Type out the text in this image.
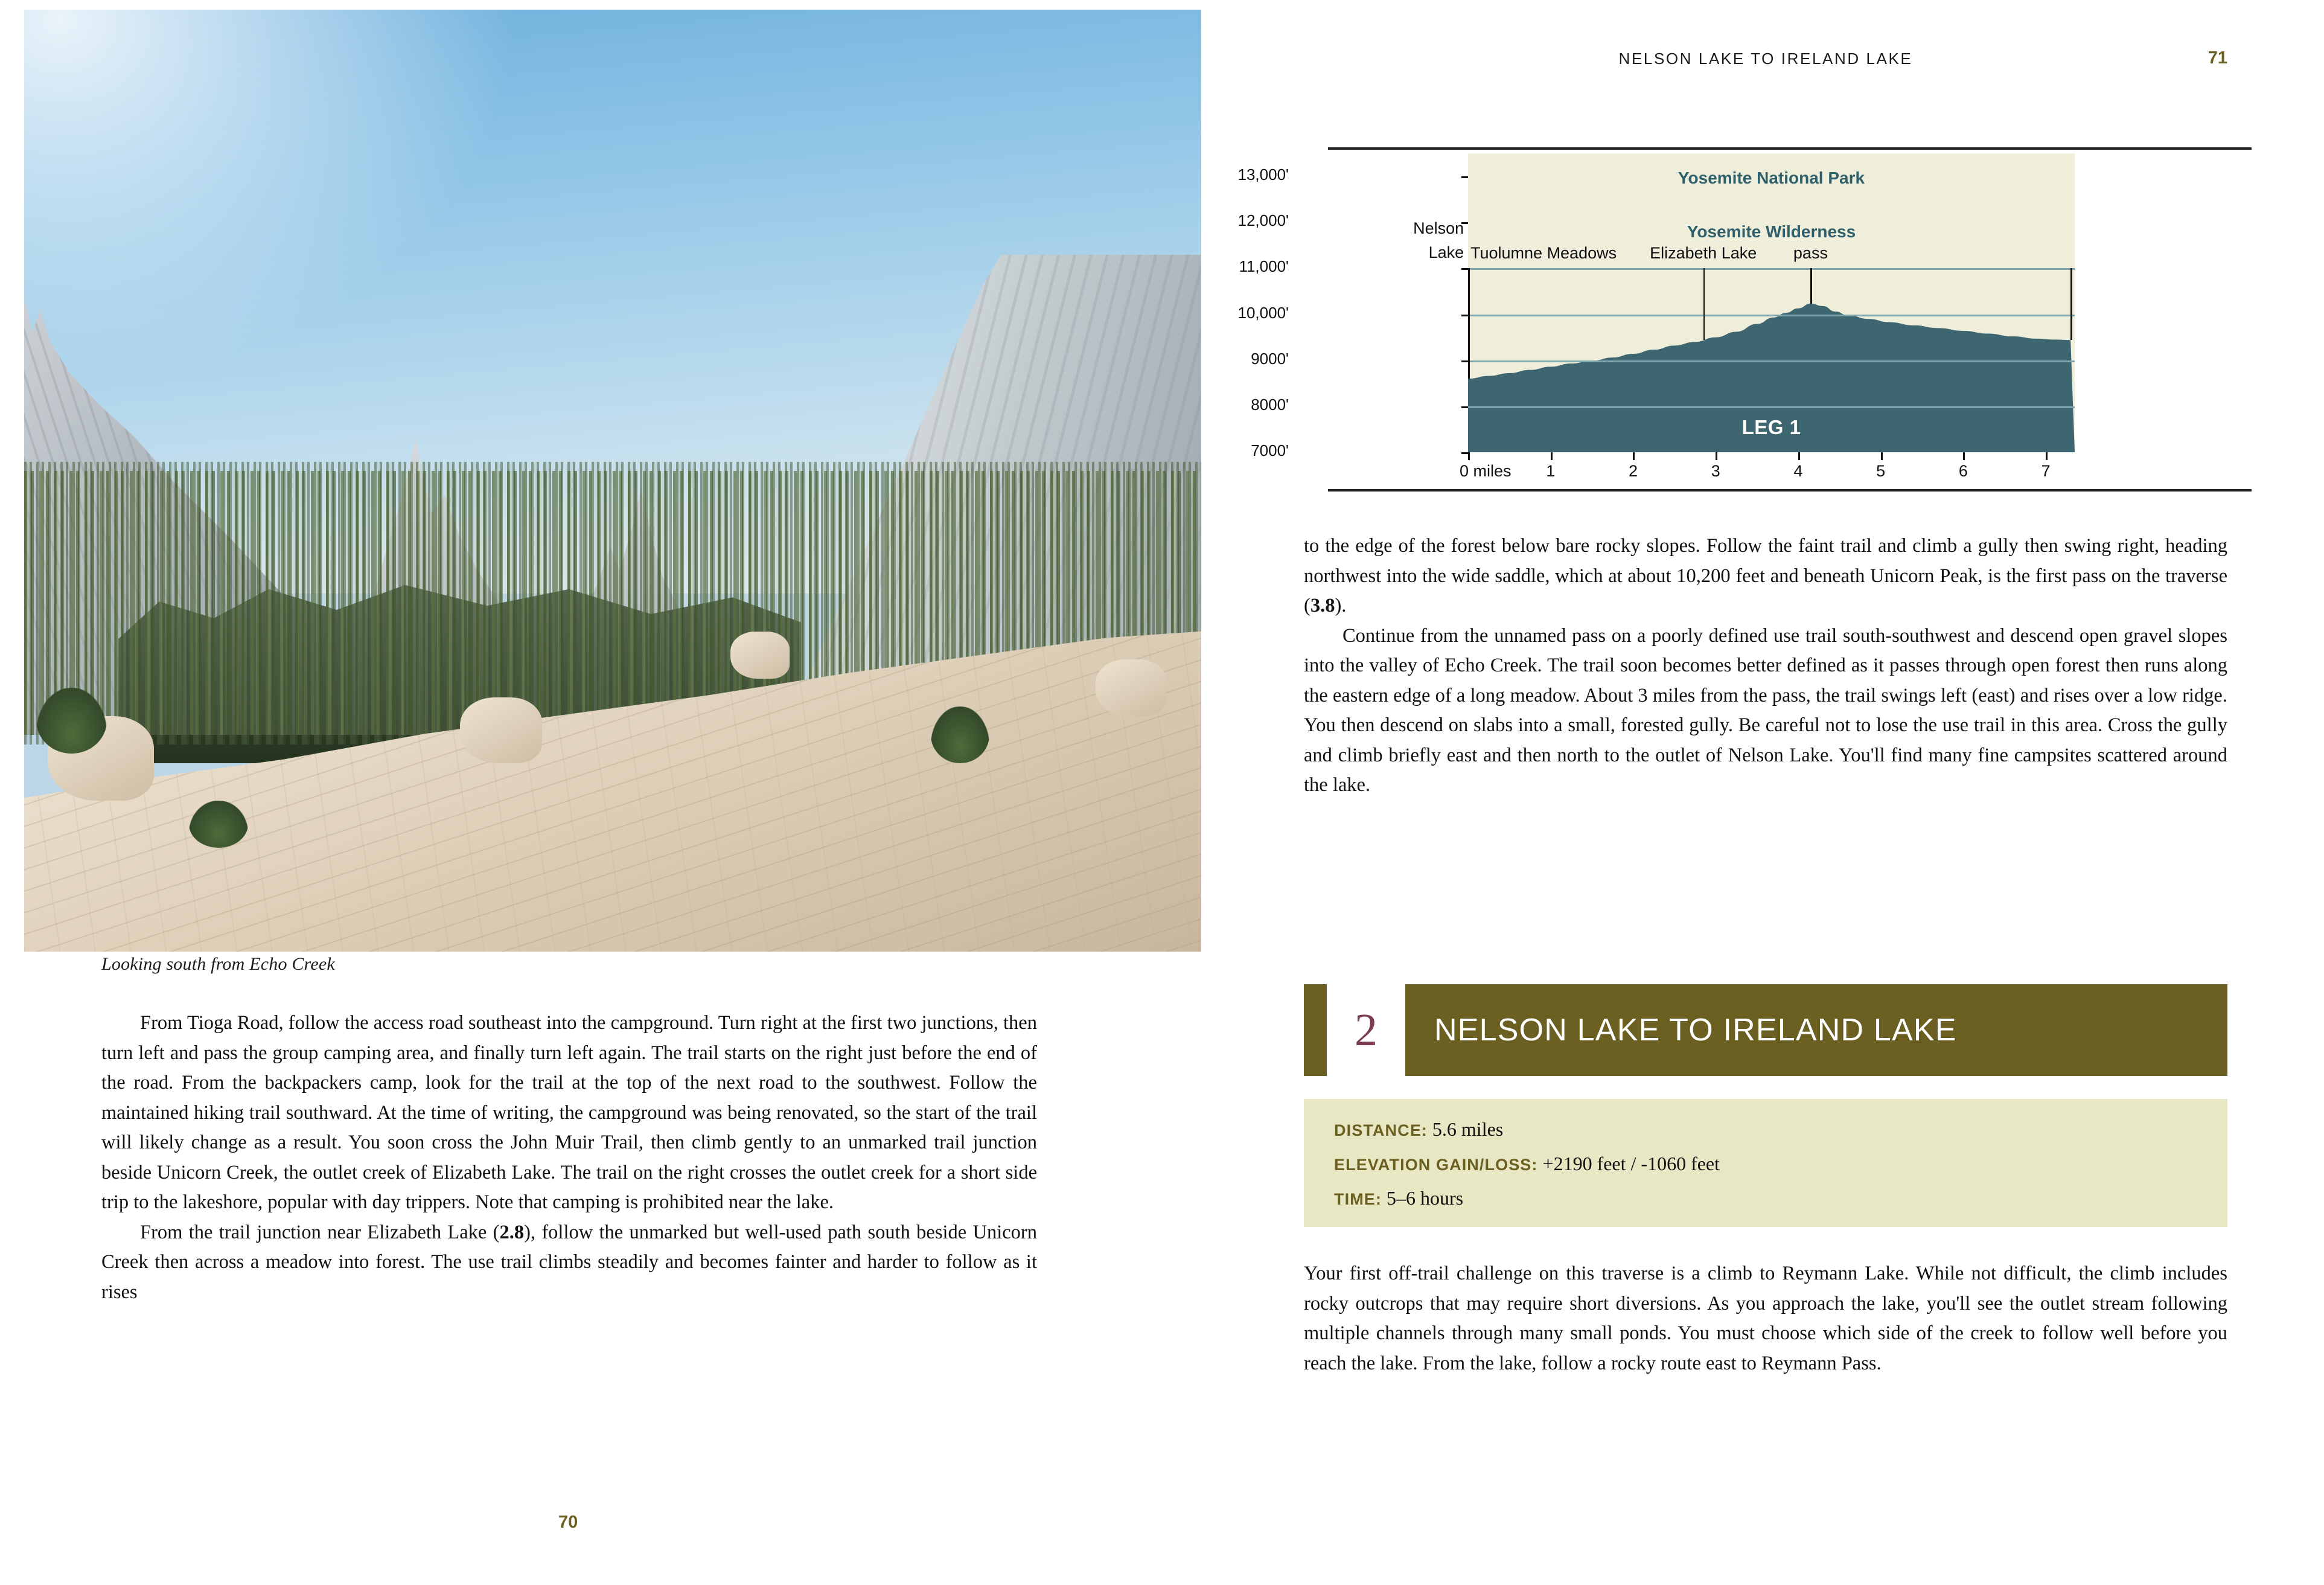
Looking south from Echo Creek

From Tioga Road, follow the access road southeast into the campground. Turn right at the first two junctions, then turn left and pass the group camping area, and finally turn left again. The trail starts on the right just before the end of the road. From the backpackers camp, look for the trail at the top of the next road to the southwest. Follow the maintained hiking trail southward. At the time of writing, the campground was being renovated, so the start of the trail will likely change as a result. You soon cross the John Muir Trail, then climb gently to an unmarked trail junction beside Unicorn Creek, the outlet creek of Elizabeth Lake. The trail on the right crosses the outlet creek for a short side trip to the lakeshore, popular with day trippers. Note that camping is prohibited near the lake.

From the trail junction near Elizabeth Lake (2.8), follow the unmarked but well-used path south beside Unicorn Creek then across a meadow into forest. The use trail climbs steadily and becomes fainter and harder to follow as it rises

70
NELSON LAKE TO IRELAND LAKE	71
Yosemite National Park
Yosemite Wilderness
7000'
8000'
9000'
10,000'
11,000'
12,000'
13,000'
Tuolumne Meadows Elizabeth Lake pass
Nelson
Lake
LEG 1
0 miles 1	2	3	4	5	6	7

to the edge of the forest below bare rocky slopes. Follow the faint trail and climb a gully then swing right, heading northwest into the wide saddle, which at about 10,200 feet and beneath Unicorn Peak, is the first pass on the traverse (3.8).

Continue from the unnamed pass on a poorly defined use trail south-southwest and descend open gravel slopes into the valley of Echo Creek. The trail soon becomes better defined as it passes through open forest then runs along the eastern edge of a long meadow. About 3 miles from the pass, the trail swings left (east) and rises over a low ridge. You then descend on slabs into a small, forested gully. Be careful not to lose the use trail in this area. Cross the gully and climb briefly east and then north to the outlet of Nelson Lake. You'll find many fine campsites scattered around the lake.

2 NELSON LAKE TO IRELAND LAKE
DISTANCE: 5.6 miles
ELEVATION GAIN/LOSS: +2190 feet / -1060 feet
TIME: 5–6 hours

Your first off-trail challenge on this traverse is a climb to Reymann Lake. While not difficult, the climb includes rocky outcrops that may require short diversions. As you approach the lake, you'll see the outlet stream following multiple channels through many small ponds. You must choose which side of the creek to follow well before you reach the lake. From the lake, follow a rocky route east to Reymann Pass.
